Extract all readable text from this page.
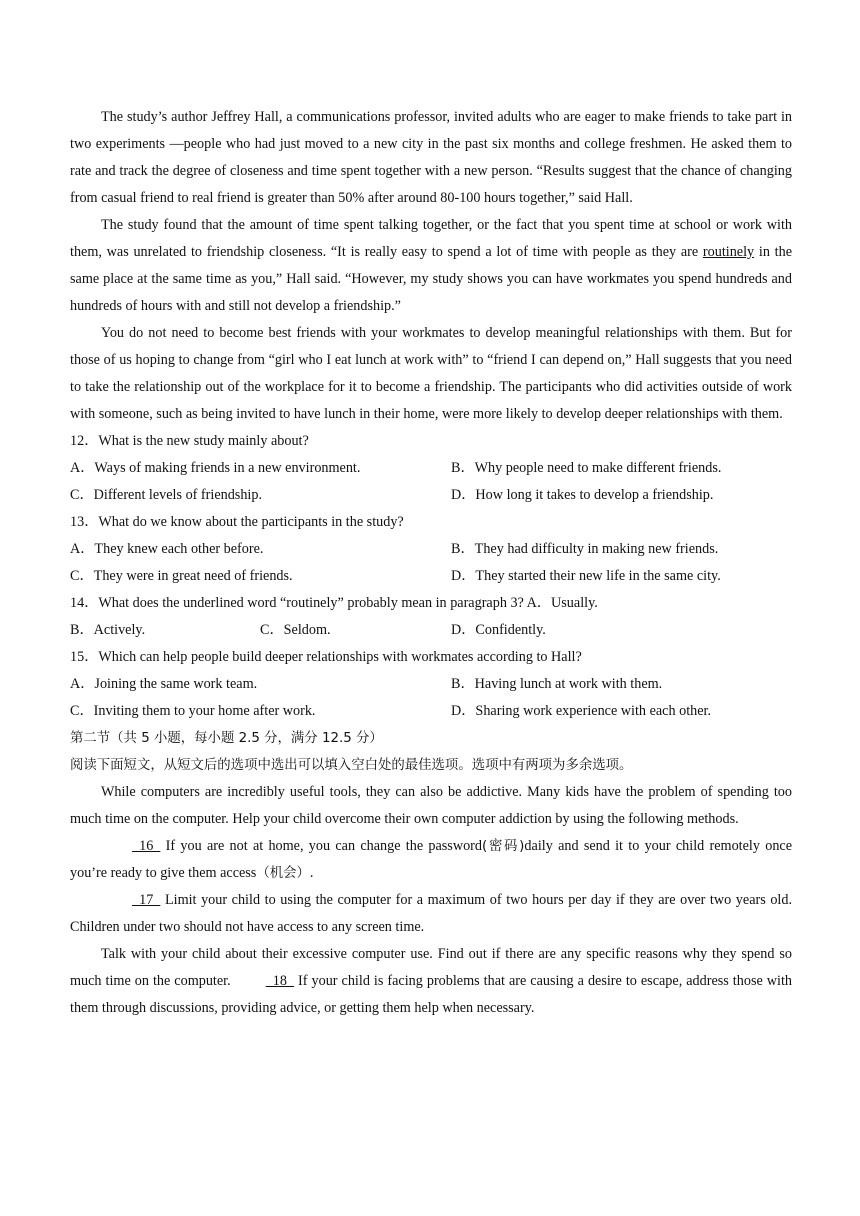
The study’s author Jeffrey Hall, a communications professor, invited adults who are eager to make friends to take part in two experiments —people who had just moved to a new city in the past six months and college freshmen. He asked them to rate and track the degree of closeness and time spent together with a new person. “Results suggest that the chance of changing from casual friend to real friend is greater than 50% after around 80-100 hours together,” said Hall.

The study found that the amount of time spent talking together, or the fact that you spent time at school or work with them, was unrelated to friendship closeness. “It is really easy to spend a lot of time with people as they are routinely in the same place at the same time as you,” Hall said. “However, my study shows you can have workmates you spend hundreds and hundreds of hours with and still not develop a friendship.”

You do not need to become best friends with your workmates to develop meaningful relationships with them. But for those of us hoping to change from “girl who I eat lunch at work with” to “friend I can depend on,” Hall suggests that you need to take the relationship out of the workplace for it to become a friendship. The participants who did activities outside of work with someone, such as being invited to have lunch in their home, were more likely to develop deeper relationships with them.

12．What is the new study mainly about?

A．Ways of making friends in a new environment.	B．Why people need to make different friends.
C．Different levels of friendship.	D．How long it takes to develop a friendship.

13．What do we know about the participants in the study?

A．They knew each other before.	B．They had difficulty in making new friends.
C．They were in great need of friends.	D．They started their new life in the same city.

14．What does the underlined word “routinely” probably mean in paragraph 3? A．Usually.

B．Actively.	C．Seldom.	D．Confidently.

15．Which can help people build deeper relationships with workmates according to Hall?

A．Joining the same work team.	B．Having lunch at work with them.
C．Inviting them to your home after work.	D．Sharing work experience with each other.

第二节（共 5 小题，每小题 2.5 分，满分 12.5 分）

阅读下面短文，从短文后的选项中选出可以填入空白处的最佳选项。选项中有两项为多余选项。

While computers are incredibly useful tools, they can also be addictive. Many kids have the problem of spending too much time on the computer. Help your child overcome their own computer addiction by using the following methods.

16   If you are not at home, you can change the password(密码)daily and send it to your child remotely once you’re ready to give them access（机会）.

17   Limit your child to using the computer for a maximum of two hours per day if they are over two years old. Children under two should not have access to any screen time.

Talk with your child about their excessive computer use. Find out if there are any specific reasons why they spend so much time on the computer.   18   If your child is facing problems that are causing a desire to escape, address those with them through discussions, providing advice, or getting them help when necessary.
